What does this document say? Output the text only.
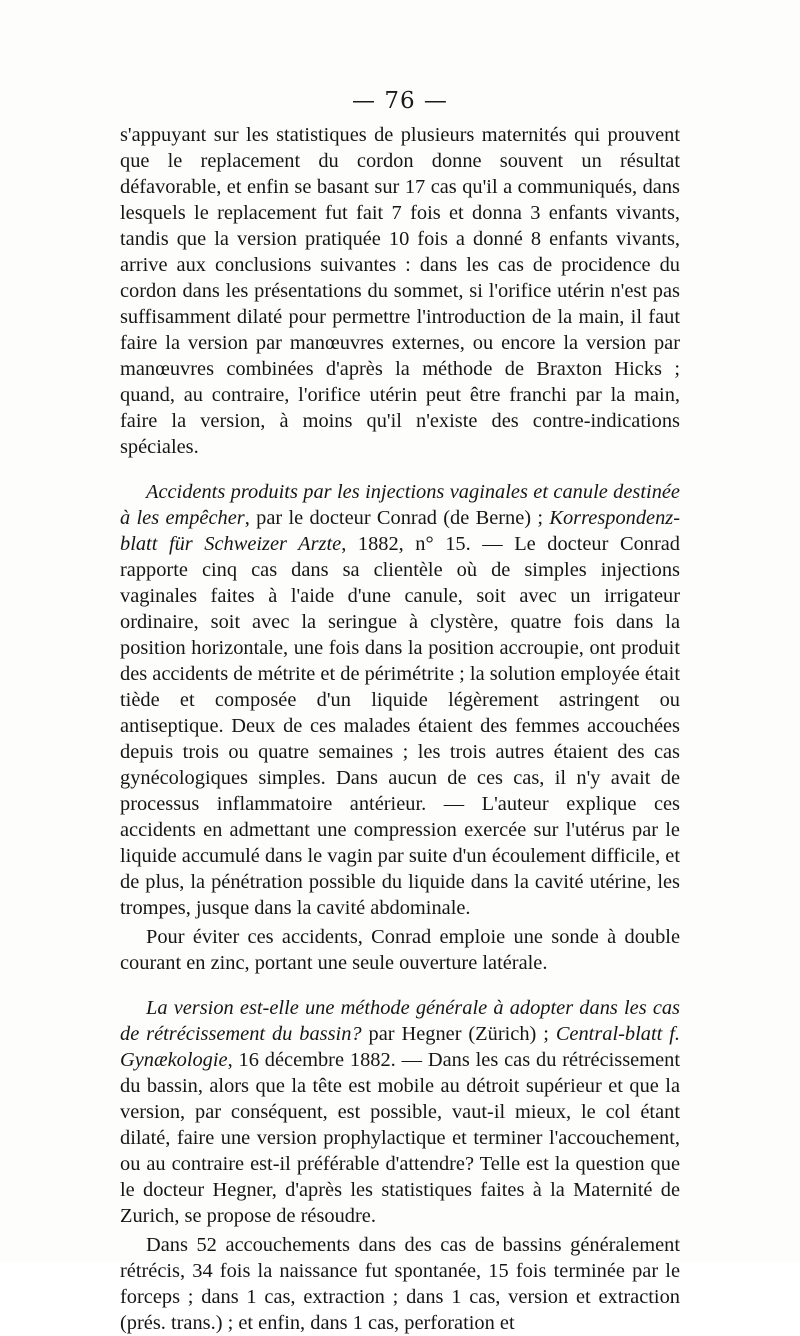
— 76 —

s'appuyant sur les statistiques de plusieurs maternités qui prouvent que le replacement du cordon donne souvent un résultat défavorable, et enfin se basant sur 17 cas qu'il a communiqués, dans lesquels le replacement fut fait 7 fois et donna 3 enfants vivants, tandis que la version pratiquée 10 fois a donné 8 enfants vivants, arrive aux conclusions suivantes : dans les cas de procidence du cordon dans les présentations du sommet, si l'orifice utérin n'est pas suffisamment dilaté pour permettre l'introduction de la main, il faut faire la version par manœuvres externes, ou encore la version par manœuvres combinées d'après la méthode de Braxton Hicks ; quand, au contraire, l'orifice utérin peut être franchi par la main, faire la version, à moins qu'il n'existe des contre-indications spéciales.

Accidents produits par les injections vaginales et canule destinée à les empêcher, par le docteur Conrad (de Berne) ; Korrespondenz-blatt für Schweizer Arzte, 1882, n° 15. — Le docteur Conrad rapporte cinq cas dans sa clientèle où de simples injections vaginales faites à l'aide d'une canule, soit avec un irrigateur ordinaire, soit avec la seringue à clystère, quatre fois dans la position horizontale, une fois dans la position accroupie, ont produit des accidents de métrite et de périmétrite ; la solution employée était tiède et composée d'un liquide légèrement astringent ou antiseptique. Deux de ces malades étaient des femmes accouchées depuis trois ou quatre semaines ; les trois autres étaient des cas gynécologiques simples. Dans aucun de ces cas, il n'y avait de processus inflammatoire antérieur. — L'auteur explique ces accidents en admettant une compression exercée sur l'utérus par le liquide accumulé dans le vagin par suite d'un écoulement difficile, et de plus, la pénétration possible du liquide dans la cavité utérine, les trompes, jusque dans la cavité abdominale.

Pour éviter ces accidents, Conrad emploie une sonde à double courant en zinc, portant une seule ouverture latérale.

La version est-elle une méthode générale à adopter dans les cas de rétrécissement du bassin? par Hegner (Zürich) ; Central-blatt f. Gynækologie, 16 décembre 1882. — Dans les cas du rétrécissement du bassin, alors que la tête est mobile au détroit supérieur et que la version, par conséquent, est possible, vaut-il mieux, le col étant dilaté, faire une version prophylactique et terminer l'accouchement, ou au contraire est-il préférable d'attendre? Telle est la question que le docteur Hegner, d'après les statistiques faites à la Maternité de Zurich, se propose de résoudre.

Dans 52 accouchements dans des cas de bassins généralement rétrécis, 34 fois la naissance fut spontanée, 15 fois terminée par le forceps ; dans 1 cas, extraction ; dans 1 cas, version et extraction (prés. trans.) ; et enfin, dans 1 cas, perforation et
